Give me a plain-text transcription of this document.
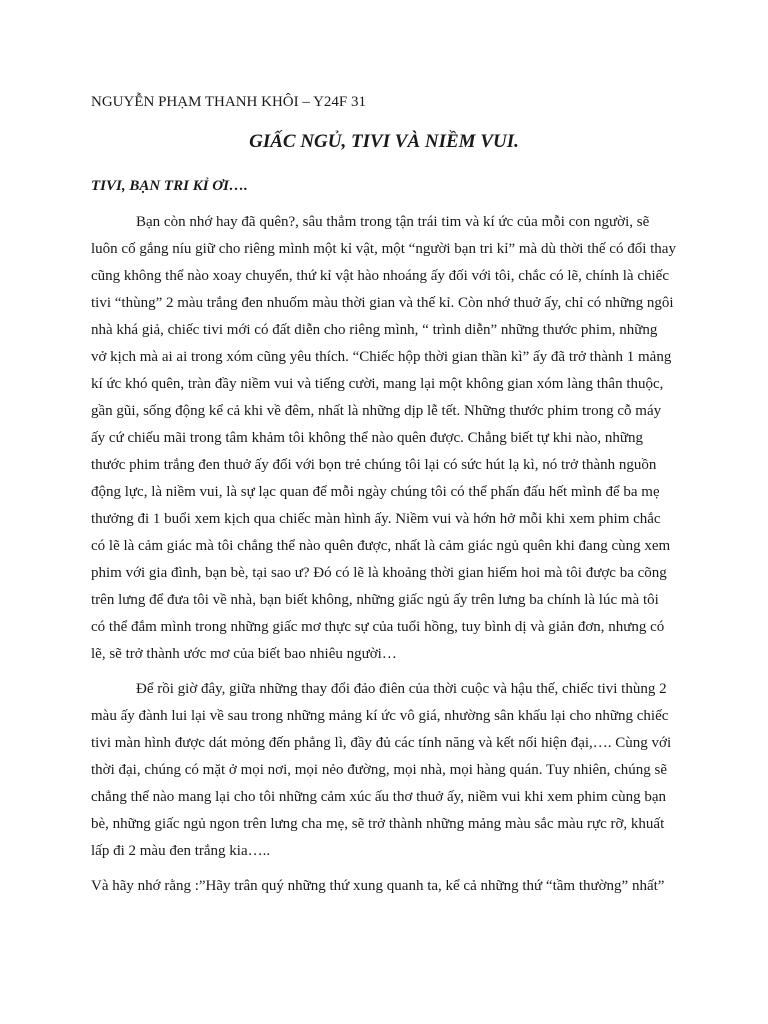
NGUYỄN PHẠM THANH KHÔI – Y24F 31
GIẤC NGỦ, TIVI VÀ NIỀM VUI.
TIVI, BẠN TRI KỈ ƠI….
Bạn còn nhớ hay đã quên?, sâu thẳm trong tận trái tim và kí ức của mỗi con người, sẽ
luôn cố gắng níu giữ cho riêng mình một kỉ vật, một “người bạn tri kỉ” mà dù thời thế có đổi thay
cũng không thể nào xoay chuyển, thứ kỉ vật hào nhoáng ấy đối với tôi, chắc có lẽ, chính là chiếc
tivi “thùng” 2 màu trắng đen nhuốm màu thời gian và thế kỉ. Còn nhớ thuở ấy, chỉ có những ngôi
nhà khá giả, chiếc tivi mới có đất diễn cho riêng mình, “ trình diễn” những thước phim, những
vở kịch mà ai ai trong xóm cũng yêu thích. “Chiếc hộp thời gian thần kì” ấy đã trở thành 1 mảng
kí ức khó quên, tràn đầy niềm vui và tiếng cười, mang lại một không gian xóm làng thân thuộc,
gần gũi, sống động kể cả khi về đêm, nhất là những dịp lễ tết. Những thước phim trong cỗ máy
ấy cứ chiếu mãi trong tâm khảm tôi không thể nào quên được. Chẳng biết tự khi nào, những
thước phim trắng đen thuở ấy đối với bọn trẻ chúng tôi lại có sức hút lạ kì, nó trở thành nguồn
động lực, là niềm vui, là sự lạc quan để mỗi ngày chúng tôi có thể phấn đấu hết mình để ba mẹ
thưởng đi 1 buổi xem kịch qua chiếc màn hình ấy. Niềm vui và hớn hở mỗi khi xem phim chắc
có lẽ là cảm giác mà tôi chẳng thể nào quên được, nhất là cảm giác ngủ quên khi đang cùng xem
phim với gia đình, bạn bè, tại sao ư? Đó có lẽ là khoảng thời gian hiếm hoi mà tôi được ba cõng
trên lưng để đưa tôi về nhà, bạn biết không, những giấc ngủ ấy trên lưng ba chính là lúc mà tôi
có thể đắm mình trong những giấc mơ thực sự của tuổi hồng, tuy bình dị và giản đơn, nhưng có
lẽ, sẽ trở thành ước mơ của biết bao nhiêu người…
Để rồi giờ đây, giữa những thay đổi đảo điên của thời cuộc và hậu thế, chiếc tivi thùng 2
màu ấy đành lui lại về sau trong những mảng kí ức vô giá, nhường sân khấu lại cho những chiếc
tivi màn hình được dát mỏng đến phẳng lì, đầy đủ các tính năng và kết nối hiện đại,…. Cùng với
thời đại, chúng có mặt ở mọi nơi, mọi nẻo đường, mọi nhà, mọi hàng quán. Tuy nhiên, chúng sẽ
chẳng thể nào mang lại cho tôi những cảm xúc ấu thơ thuở ấy, niềm vui khi xem phim cùng bạn
bè, những giấc ngủ ngon trên lưng cha mẹ, sẽ trở thành những mảng màu sắc màu rực rỡ, khuất
lấp đi 2 màu đen trắng kia…..
Và hãy nhớ rằng :”Hãy trân quý những thứ xung quanh ta, kể cả những thứ “tầm thường” nhất”
